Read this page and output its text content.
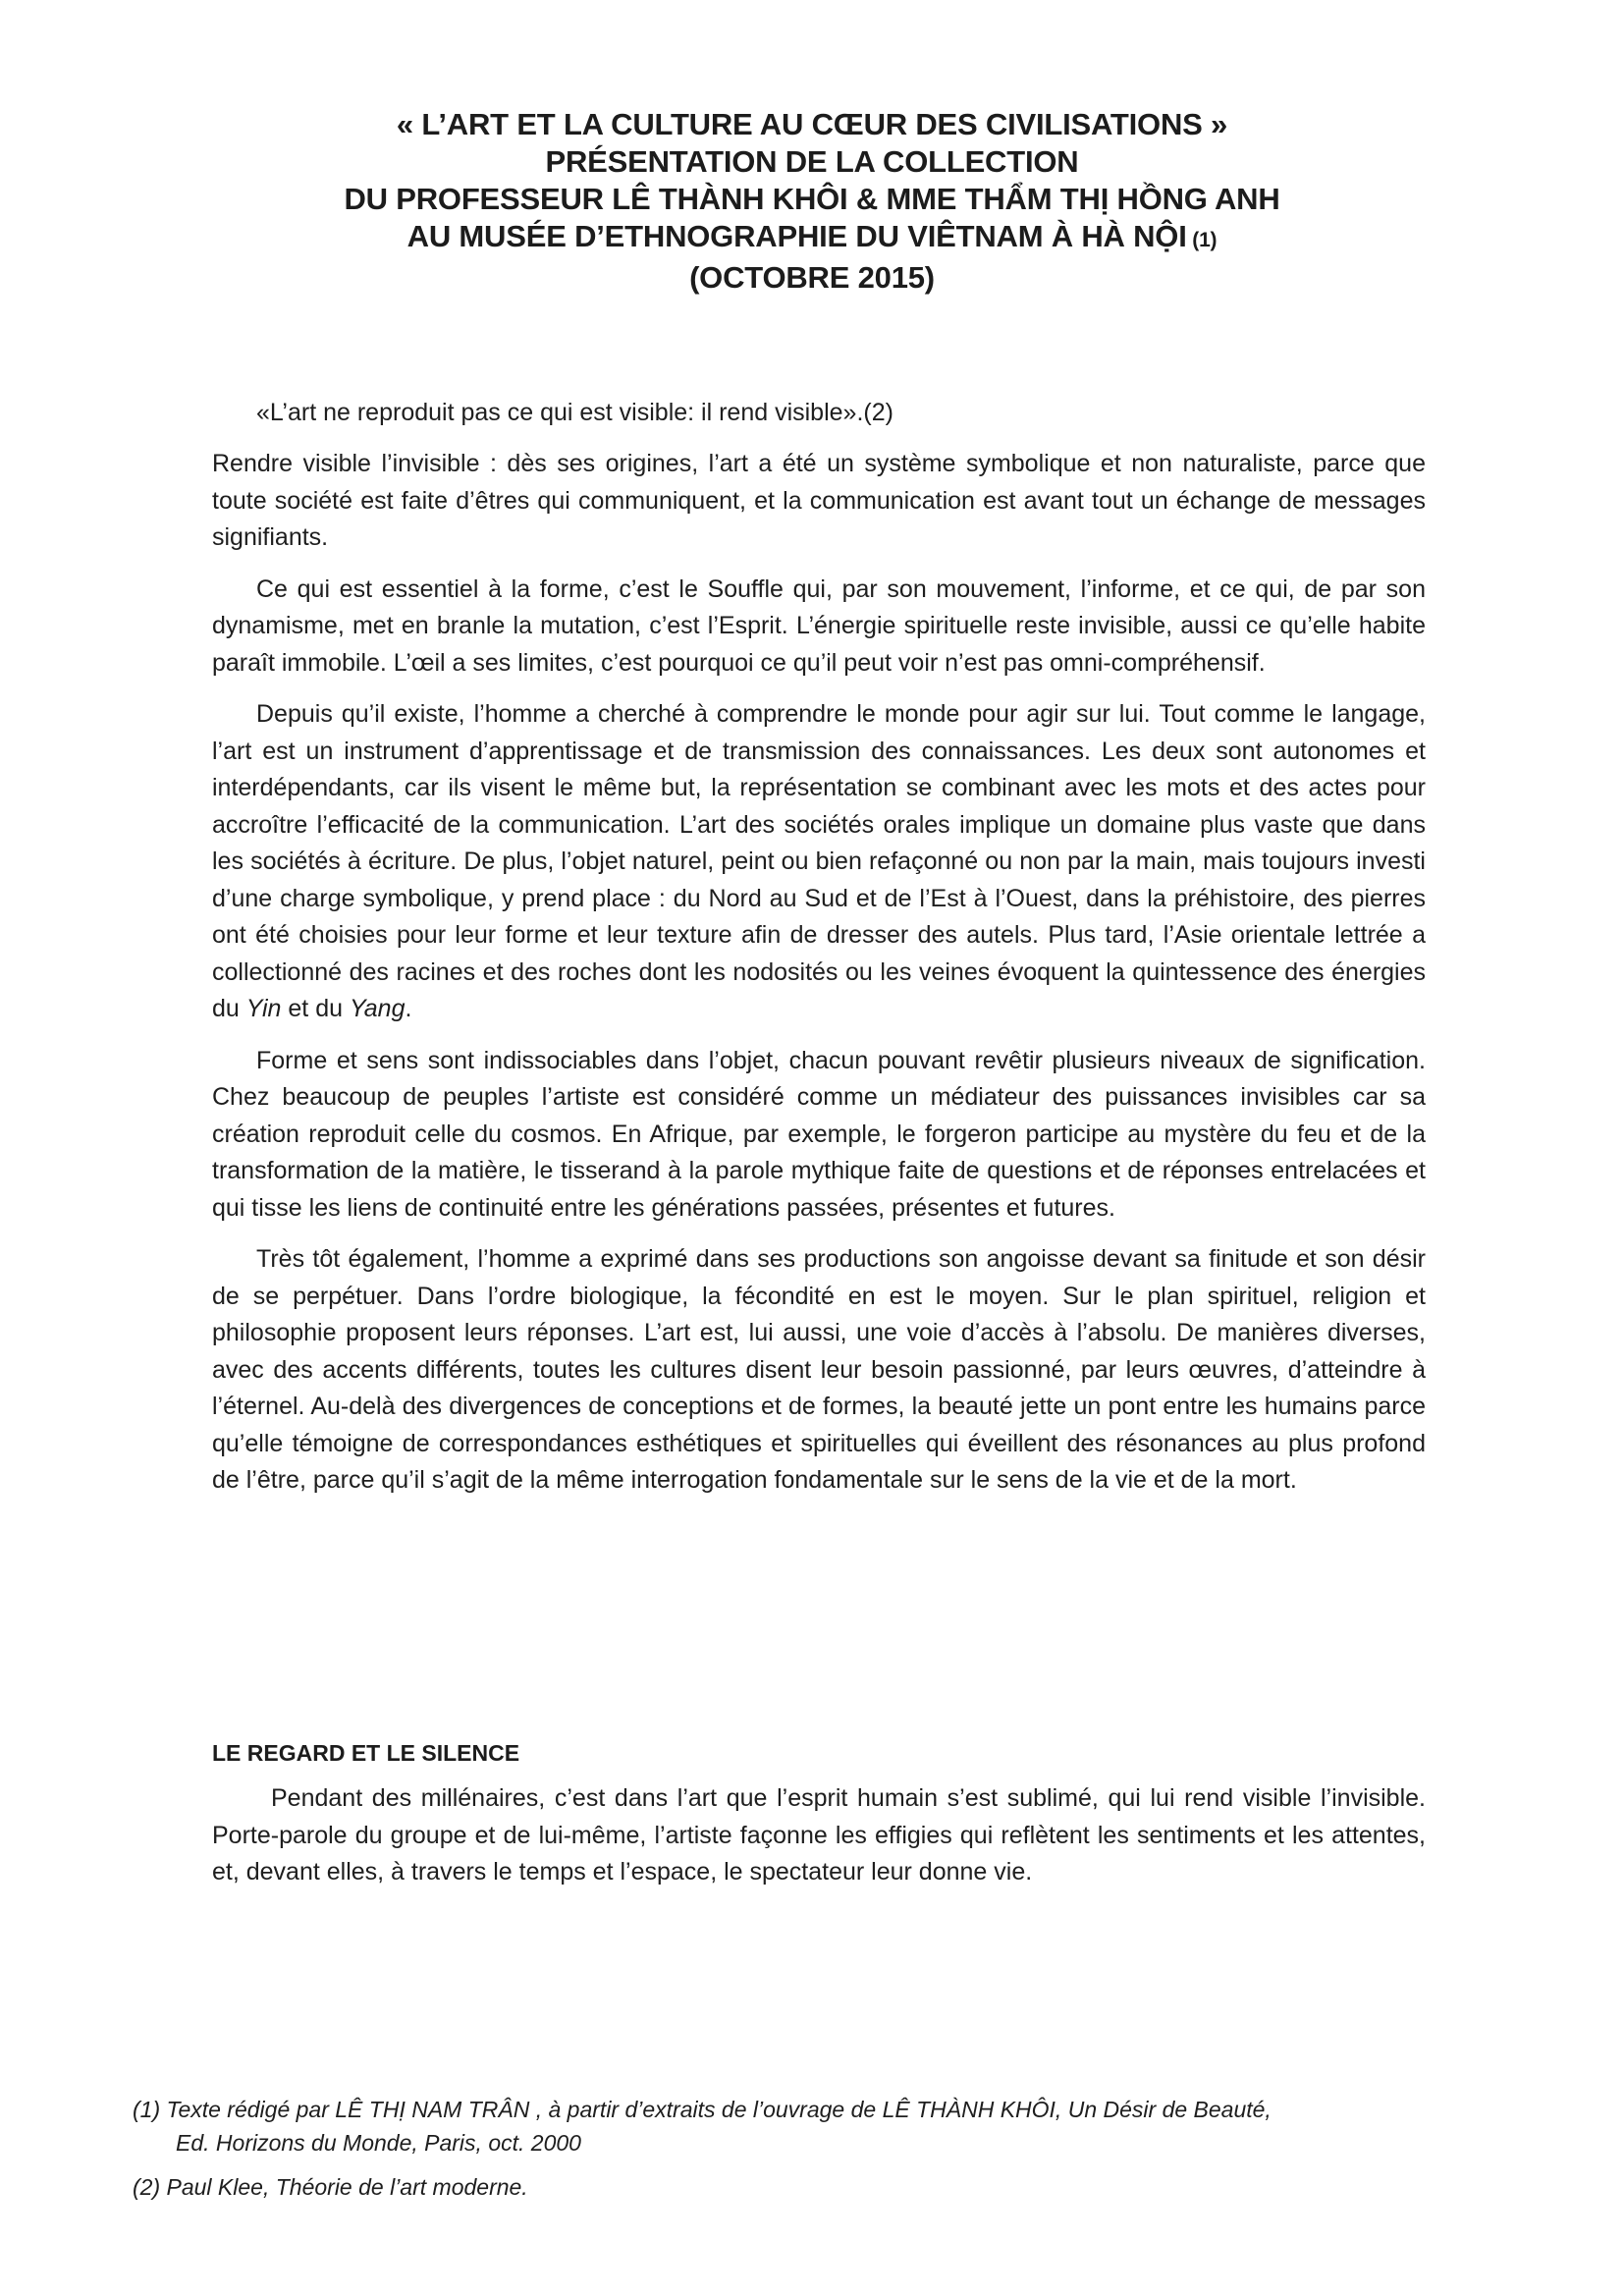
« L’ART ET LA CULTURE AU CŒUR DES CIVILISATIONS »

PRÉSENTATION DE LA COLLECTION

DU PROFESSEUR LÊ THÀNH KHÔI & MME THẨM THỊ HỒNG ANH

AU MUSÉE D’ETHNOGRAPHIE DU VIÊTNAM À HÀ NỘI (1)

(OCTOBRE 2015)

«L’art ne reproduit pas ce qui est visible: il rend visible».(2)

Rendre visible l’invisible : dès ses origines, l’art a été un système symbolique et non naturaliste, parce que toute société est faite d’êtres qui communiquent, et la communication est avant tout un échange de messages signifiants.

Ce qui est essentiel à la forme, c’est le Souffle qui, par son mouvement, l’informe, et ce qui, de par son dynamisme, met en branle la mutation, c’est l’Esprit. L’énergie spirituelle reste invisible, aussi ce qu’elle habite paraît immobile. L’œil a ses limites, c’est pourquoi ce qu’il peut voir n’est pas omni-compréhensif.

Depuis qu’il existe, l’homme a cherché à comprendre le monde pour agir sur lui. Tout comme le langage, l’art est un instrument d’apprentissage et de transmission des connaissances. Les deux sont autonomes et interdépendants, car ils visent le même but, la représentation se combinant avec les mots et des actes pour accroître l’efficacité de la communication. L’art des sociétés orales implique un domaine plus vaste que dans les sociétés à écriture. De plus, l’objet naturel, peint ou bien refaçonné ou non par la main, mais toujours investi d’une charge symbolique, y prend place : du Nord au Sud et de l’Est à l’Ouest, dans la préhistoire, des pierres ont été choisies pour leur forme et leur texture afin de dresser des autels. Plus tard, l’Asie orientale lettrée a collectionné des racines et des roches dont les nodosités ou les veines évoquent la quintessence des énergies du Yin et du Yang.

Forme et sens sont indissociables dans l’objet, chacun pouvant revêtir plusieurs niveaux de signification. Chez beaucoup de peuples l’artiste est considéré comme un médiateur des puissances invisibles car sa création reproduit celle du cosmos. En Afrique, par exemple, le forgeron participe au mystère du feu et de la transformation de la matière, le tisserand à la parole mythique faite de questions et de réponses entrelacées et qui tisse les liens de continuité entre les générations passées, présentes et futures.

Très tôt également, l’homme a exprimé dans ses productions son angoisse devant sa finitude et son désir de se perpétuer. Dans l’ordre biologique, la fécondité en est le moyen. Sur le plan spirituel, religion et philosophie proposent leurs réponses. L’art est, lui aussi, une voie d’accès à l’absolu. De manières diverses, avec des accents différents, toutes les cultures disent leur besoin passionné, par leurs œuvres, d’atteindre à l’éternel. Au-delà des divergences de conceptions et de formes, la beauté jette un pont entre les humains parce qu’elle témoigne de correspondances esthétiques et spirituelles qui éveillent des résonances au plus profond de l’être, parce qu’il s’agit de la même interrogation fondamentale sur le sens de la vie et de la mort.

LE REGARD ET LE SILENCE

Pendant des millénaires, c’est dans l’art que l’esprit humain s’est sublimé, qui lui rend visible l’invisible. Porte-parole du groupe et de lui-même, l’artiste façonne les effigies qui reflètent les sentiments et les attentes, et, devant elles, à travers le temps et l’espace, le spectateur leur donne vie.

(1) Texte rédigé par LÊ THỊ NAM TRÂN , à partir d’extraits de l’ouvrage de LÊ THÀNH KHÔI, Un Désir de Beauté,
Ed. Horizons du Monde, Paris, oct. 2000

(2) Paul Klee, Théorie de l’art moderne.
